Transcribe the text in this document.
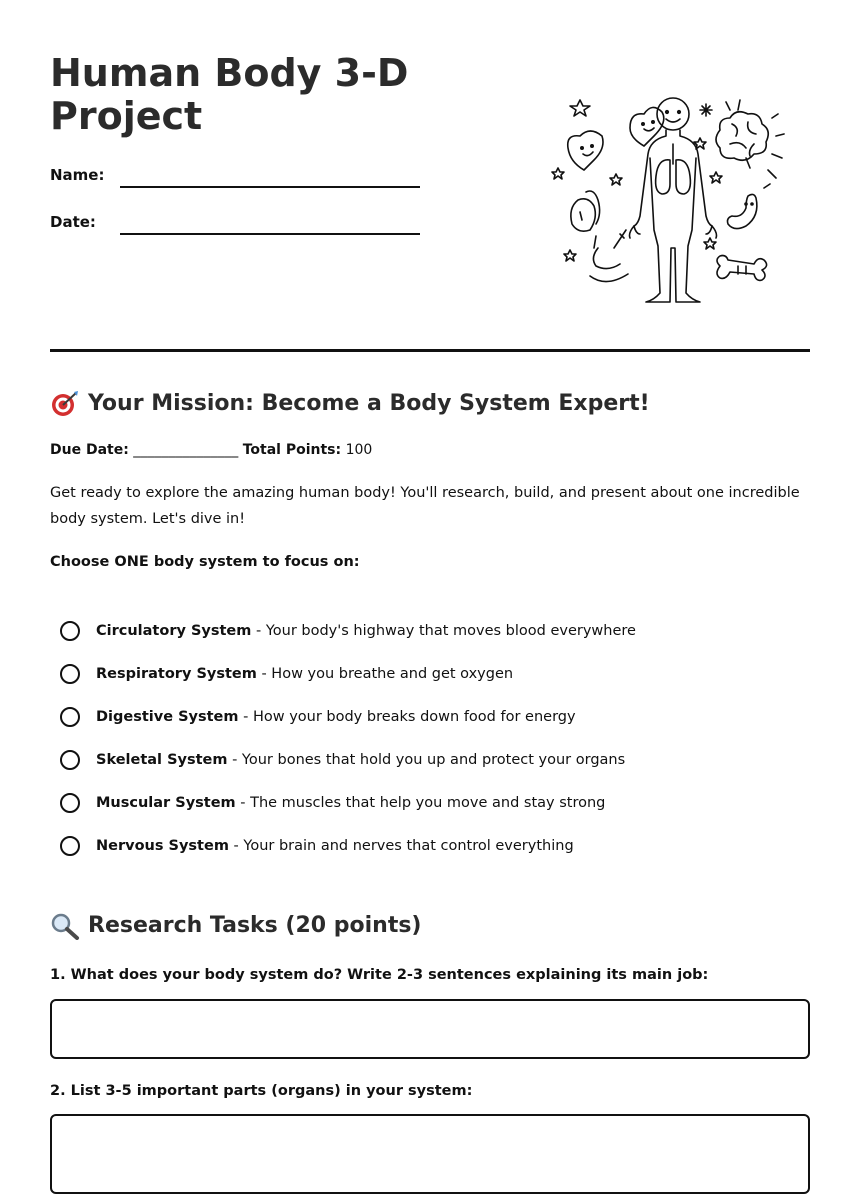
Human Body 3-D Project
Name:
Date:
Your Mission: Become a Body System Expert!
Due Date: _______________ Total Points: 100

Get ready to explore the amazing human body! You'll research, build, and present about one incredible body system. Let's dive in!

Choose ONE body system to focus on:

Circulatory System - Your body's highway that moves blood everywhere
Respiratory System - How you breathe and get oxygen
Digestive System - How your body breaks down food for energy
Skeletal System - Your bones that hold you up and protect your organs
Muscular System - The muscles that help you move and stay strong
Nervous System - Your brain and nerves that control everything
Research Tasks (20 points)

1. What does your body system do? Write 2-3 sentences explaining its main job:

2. List 3-5 important parts (organs) in your system:
